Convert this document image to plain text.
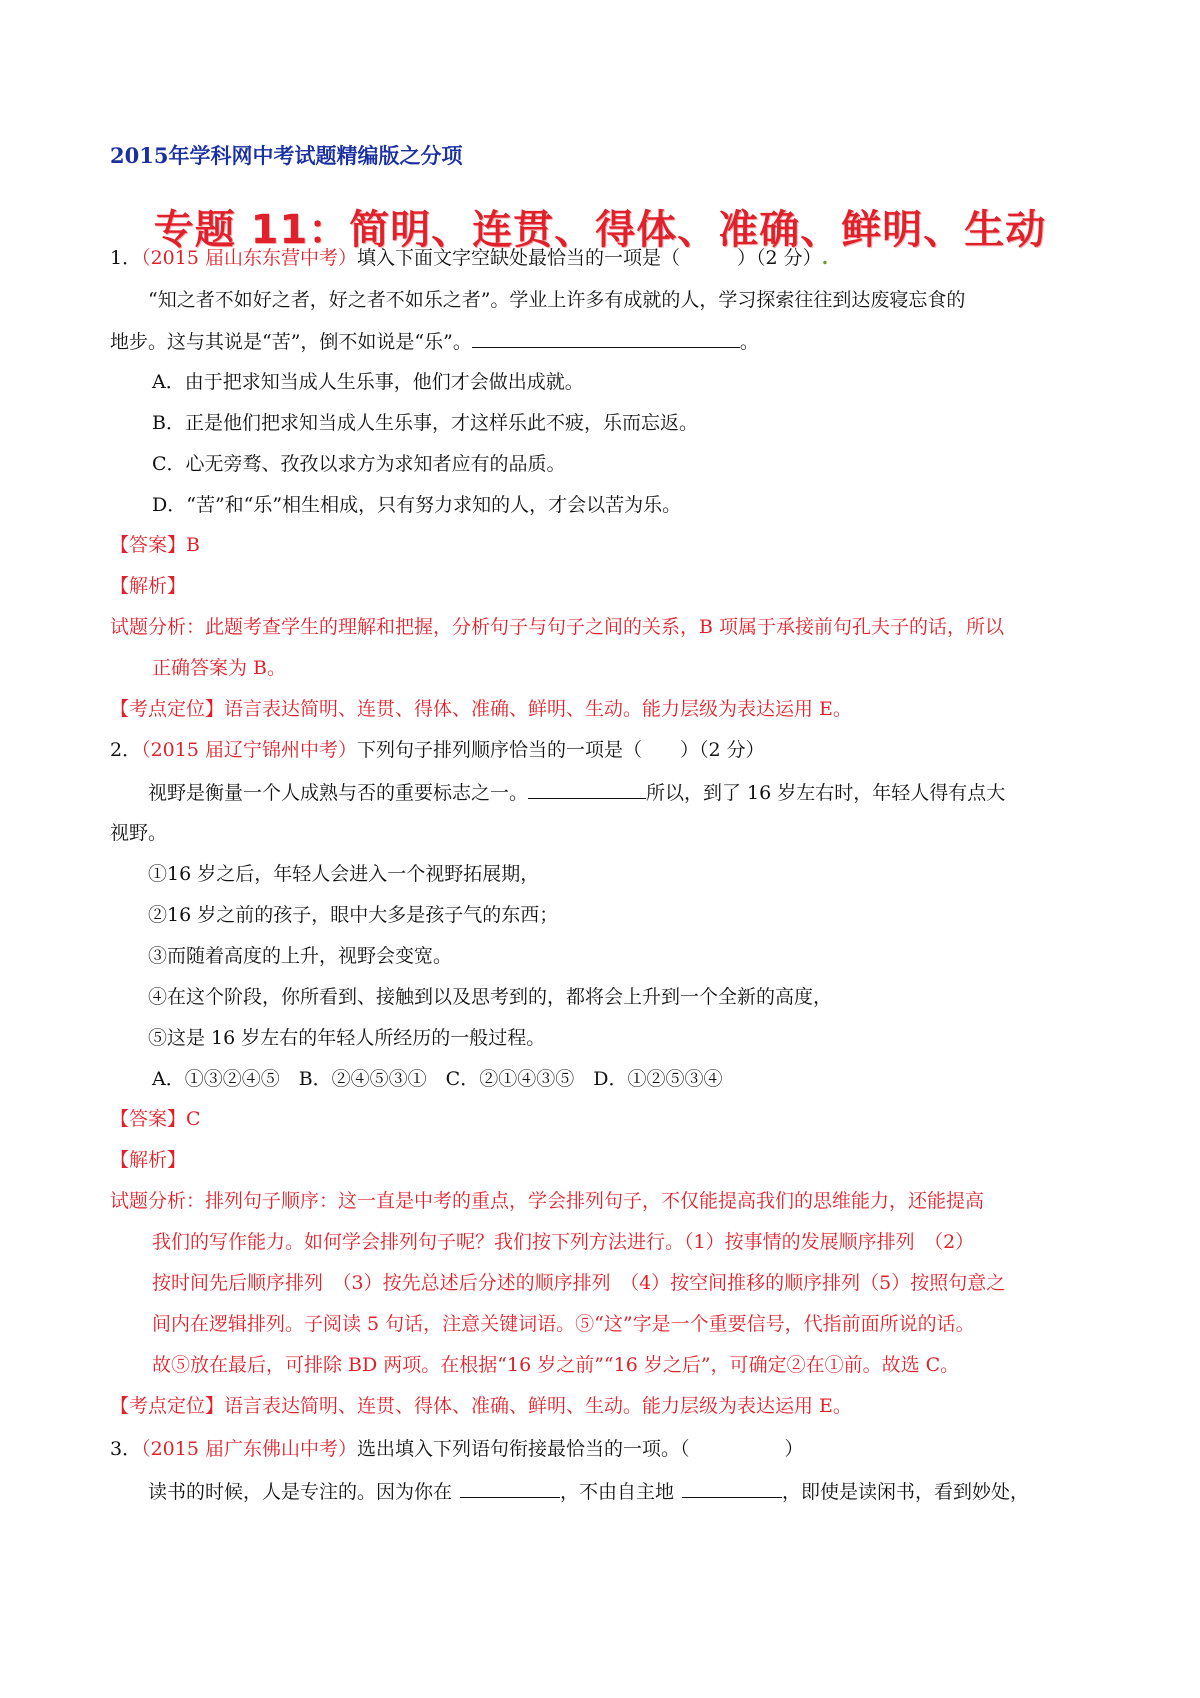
2015年学科网中考试题精编版之分项
专题 11：简明、连贯、得体、准确、鲜明、生动
1．（2015 届山东东营中考）填入下面文字空缺处最恰当的一项是（　　　）（2 分）.
“知之者不如好之者，好之者不如乐之者”。学业上许多有成就的人，学习探索往往到达废寝忘食的
地步。这与其说是“苦”，倒不如说是“乐”。	。
A．由于把求知当成人生乐事，他们才会做出成就。
B．正是他们把求知当成人生乐事，才这样乐此不疲，乐而忘返。
C．心无旁骛、孜孜以求方为求知者应有的品质。
D．“苦”和“乐”相生相成，只有努力求知的人，才会以苦为乐。
【答案】B
【解析】
试题分析：此题考查学生的理解和把握，分析句子与句子之间的关系，B 项属于承接前句孔夫子的话，所以
正确答案为 B。
【考点定位】语言表达简明、连贯、得体、准确、鲜明、生动。能力层级为表达运用 E。
2．（2015 届辽宁锦州中考）下列句子排列顺序恰当的一项是（　　）（2 分）
视野是衡量一个人成熟与否的重要标志之一。	所以，到了 16 岁左右时，年轻人得有点大
视野。
①16 岁之后，年轻人会进入一个视野拓展期，
②16 岁之前的孩子，眼中大多是孩子气的东西；
③而随着高度的上升，视野会变宽。
④在这个阶段，你所看到、接触到以及思考到的，都将会上升到一个全新的高度，
⑤这是 16 岁左右的年轻人所经历的一般过程。
A．①③②④⑤　B．②④⑤③①　C．②①④③⑤　D．①②⑤③④
【答案】C
【解析】
试题分析：排列句子顺序：这一直是中考的重点，学会排列句子，不仅能提高我们的思维能力，还能提高
我们的写作能力。如何学会排列句子呢？我们按下列方法进行。（1）按事情的发展顺序排列　（2）
按时间先后顺序排列　（3）按先总述后分述的顺序排列　（4）按空间推移的顺序排列（5）按照句意之
间内在逻辑排列。子阅读 5 句话，注意关键词语。⑤“这”字是一个重要信号，代指前面所说的话。
故⑤放在最后，可排除 BD 两项。在根据“16 岁之前”“16 岁之后”，可确定②在①前。故选 C。
【考点定位】语言表达简明、连贯、得体、准确、鲜明、生动。能力层级为表达运用 E。
3．（2015 届广东佛山中考）选出填入下列语句衔接最恰当的一项。（　　　　　）
读书的时候，人是专注的。因为你在	，不由自主地	，即使是读闲书，看到妙处，
